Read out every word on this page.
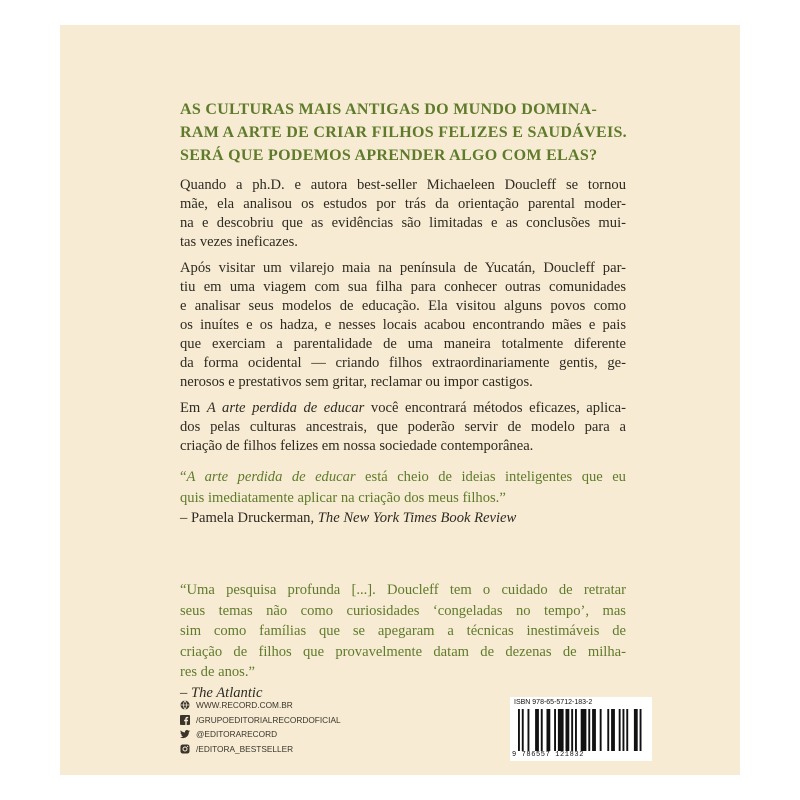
AS CULTURAS MAIS ANTIGAS DO MUNDO DOMINA-
RAM A ARTE DE CRIAR FILHOS FELIZES E SAUDÁVEIS.
SERÁ QUE PODEMOS APRENDER ALGO COM ELAS?

Quando a ph.D. e autora best-seller Michaeleen Doucleff se tornou
mãe, ela analisou os estudos por trás da orientação parental moder-
na e descobriu que as evidências são limitadas e as conclusões mui-
tas vezes ineficazes.

Após visitar um vilarejo maia na península de Yucatán, Doucleff par-
tiu em uma viagem com sua filha para conhecer outras comunidades
e analisar seus modelos de educação. Ela visitou alguns povos como
os inuítes e os hadza, e nesses locais acabou encontrando mães e pais
que exerciam a parentalidade de uma maneira totalmente diferente
da forma ocidental — criando filhos extraordinariamente gentis, ge-
nerosos e prestativos sem gritar, reclamar ou impor castigos.

Em A arte perdida de educar você encontrará métodos eficazes, aplica-
dos pelas culturas ancestrais, que poderão servir de modelo para a
criação de filhos felizes em nossa sociedade contemporânea.

“A arte perdida de educar está cheio de ideias inteligentes que eu
quis imediatamente aplicar na criação dos meus filhos.”
– Pamela Druckerman, The New York Times Book Review
“Uma pesquisa profunda [...]. Doucleff tem o cuidado de retratar
seus temas não como curiosidades ‘congeladas no tempo’, mas
sim como famílias que se apegaram a técnicas inestimáveis de
criação de filhos que provavelmente datam de dezenas de milha-
res de anos.”
– The Atlantic
WWW.RECORD.COM.BR
/GRUPOEDITORIALRECORDOFICIAL
@EDITORARECORD
/EDITORA_BESTSELLER
ISBN 978-65-5712-183-2
9 786557 121832
